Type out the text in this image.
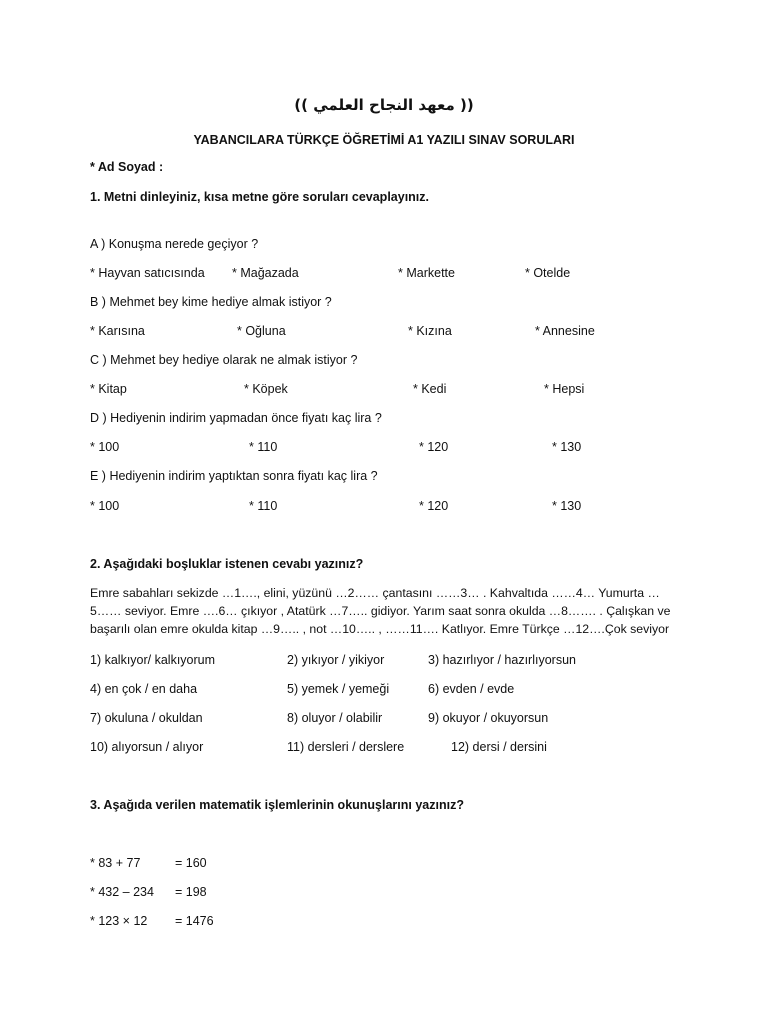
(( معهد النجاح العلمي ))
YABANCILARA TÜRKÇE ÖĞRETİMİ A1 YAZILI SINAV SORULARI
* Ad Soyad :
1. Metni dinleyiniz, kısa metne göre soruları cevaplayınız.
A ) Konuşma nerede geçiyor ?
* Hayvan satıcısında * Mağazada	* Markette	* Otelde
B ) Mehmet bey kime hediye almak istiyor ?
* Karısına	* Oğluna	* Kızına	* Annesine
C ) Mehmet bey hediye olarak ne almak istiyor ?
* Kitap	* Köpek	* Kedi	* Hepsi
D ) Hediyenin indirim yapmadan önce fiyatı kaç lira ?
* 100	* 110	* 120	* 130
E ) Hediyenin indirim yaptıktan sonra fiyatı kaç lira ?
* 100	* 110	* 120	* 130
2. Aşağıdaki boşluklar istenen cevabı yazınız?
Emre sabahları sekizde …1…., elini, yüzünü …2…… çantasını ……3… . Kahvaltıda ……4… Yumurta …5…… seviyor. Emre ….6… çıkıyor , Atatürk …7….. gidiyor. Yarım saat sonra okulda …8……. . Çalışkan ve başarılı olan emre okulda kitap …9….. , not …10….. , ……11…. Katlıyor. Emre Türkçe …12….Çok seviyor
1) kalkıyor/ kalkıyorum	2) yıkıyor / yikiyor	3) hazırlıyor / hazırlıyorsun
4) en çok / en daha	5) yemek / yemeği	6) evden / evde
7) okuluna / okuldan	8) oluyor / olabilir	9) okuyor / okuyorsun
10) alıyorsun / alıyor	11) dersleri / derslere	12) dersi / dersini
3. Aşağıda verilen matematik işlemlerinin okunuşlarını yazınız?
* 83 + 77	= 160
* 432 – 234 = 198
* 123 × 12 = 1476
